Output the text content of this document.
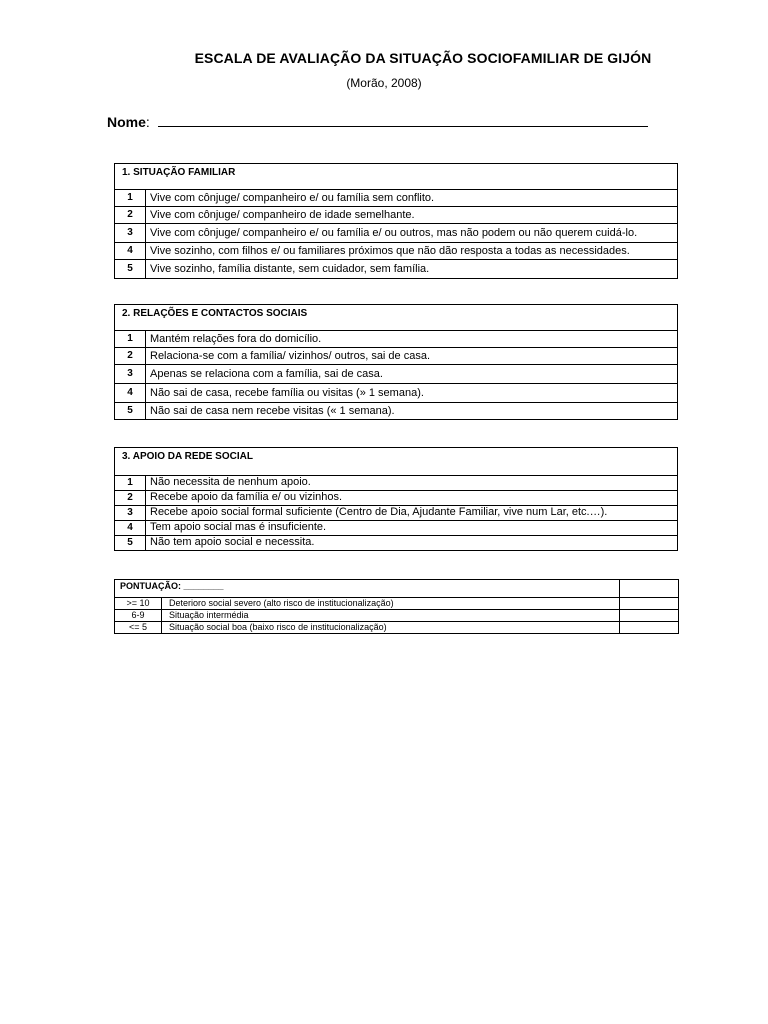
ESCALA DE AVALIAÇÃO DA SITUAÇÃO SOCIOFAMILIAR DE GIJÓN
(Morão, 2008)
Nome:
1. SITUAÇÃO FAMILIAR
1	Vive com cônjuge/ companheiro e/ ou família sem conflito.
2	Vive com cônjuge/ companheiro de idade semelhante.
3	Vive com cônjuge/ companheiro e/ ou família e/ ou outros, mas não podem ou não querem cuidá-lo.
4	Vive sozinho, com filhos e/ ou familiares próximos que não dão resposta a todas as necessidades.
5	Vive sozinho, família distante, sem cuidador, sem família.
2. RELAÇÕES E CONTACTOS SOCIAIS
1	Mantém relações fora do domicílio.
2	Relaciona-se com a família/ vizinhos/ outros, sai de casa.
3	Apenas se relaciona com a família, sai de casa.
4	Não sai de casa, recebe família ou visitas (» 1 semana).
5	Não sai de casa nem recebe visitas (« 1 semana).
3. APOIO DA REDE SOCIAL
1	Não necessita de nenhum apoio.
2	Recebe apoio da família e/ ou vizinhos.
3	Recebe apoio social formal suficiente (Centro de Dia, Ajudante Familiar, vive num Lar, etc.…).
4	Tem apoio social mas é insuficiente.
5	Não tem apoio social e necessita.
PONTUAÇÃO: ________
>= 10	Deterioro social severo (alto risco de institucionalização)
6-9	Situação intermédia
<= 5	Situação social boa (baixo risco de institucionalização)
